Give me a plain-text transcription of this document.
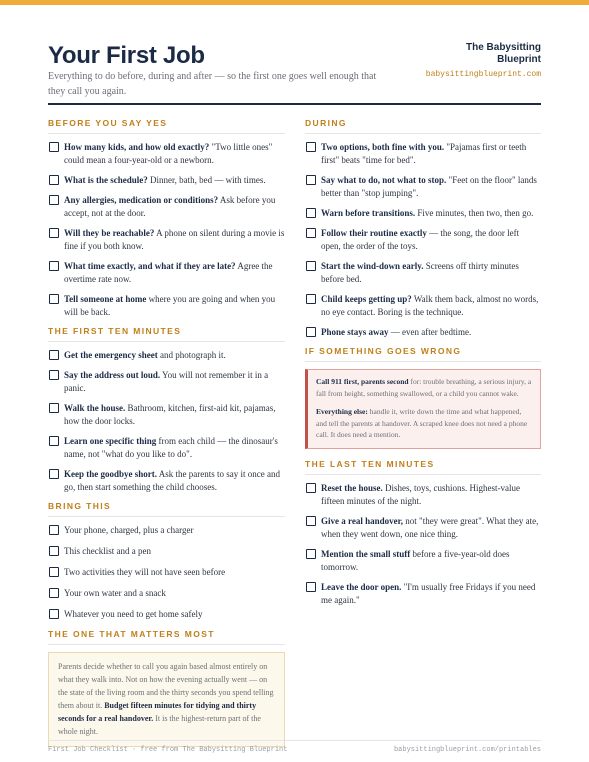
Your First Job

Everything to do before, during and after — so the first one goes well enough that they call you again.

The Babysitting Blueprint
babysittingblueprint.com
BEFORE YOU SAY YES
How many kids, and how old exactly? "Two little ones" could mean a four-year-old or a newborn.
What is the schedule? Dinner, bath, bed — with times.
Any allergies, medication or conditions? Ask before you accept, not at the door.
Will they be reachable? A phone on silent during a movie is fine if you both know.
What time exactly, and what if they are late? Agree the overtime rate now.
Tell someone at home where you are going and when you will be back.
THE FIRST TEN MINUTES
Get the emergency sheet and photograph it.
Say the address out loud. You will not remember it in a panic.
Walk the house. Bathroom, kitchen, first-aid kit, pajamas, how the door locks.
Learn one specific thing from each child — the dinosaur's name, not "what do you like to do".
Keep the goodbye short. Ask the parents to say it once and go, then start something the child chooses.
BRING THIS
Your phone, charged, plus a charger
This checklist and a pen
Two activities they will not have seen before
Your own water and a snack
Whatever you need to get home safely
THE ONE THAT MATTERS MOST
Parents decide whether to call you again based almost entirely on what they walk into. Not on how the evening actually went — on the state of the living room and the thirty seconds you spend telling them about it. Budget fifteen minutes for tidying and thirty seconds for a real handover. It is the highest-return part of the whole night.
DURING
Two options, both fine with you. "Pajamas first or teeth first" beats "time for bed".
Say what to do, not what to stop. "Feet on the floor" lands better than "stop jumping".
Warn before transitions. Five minutes, then two, then go.
Follow their routine exactly — the song, the door left open, the order of the toys.
Start the wind-down early. Screens off thirty minutes before bed.
Child keeps getting up? Walk them back, almost no words, no eye contact. Boring is the technique.
Phone stays away — even after bedtime.
IF SOMETHING GOES WRONG

Call 911 first, parents second for: trouble breathing, a serious injury, a fall from height, something swallowed, or a child you cannot wake.

Everything else: handle it, write down the time and what happened, and tell the parents at handover. A scraped knee does not need a phone call. It does need a mention.

THE LAST TEN MINUTES
Reset the house. Dishes, toys, cushions. Highest-value fifteen minutes of the night.
Give a real handover, not "they were great". What they ate, when they went down, one nice thing.
Mention the small stuff before a five-year-old does tomorrow.
Leave the door open. "I'm usually free Fridays if you need me again."
First Job Checklist · free from The Babysitting Blueprint	babysittingblueprint.com/printables
